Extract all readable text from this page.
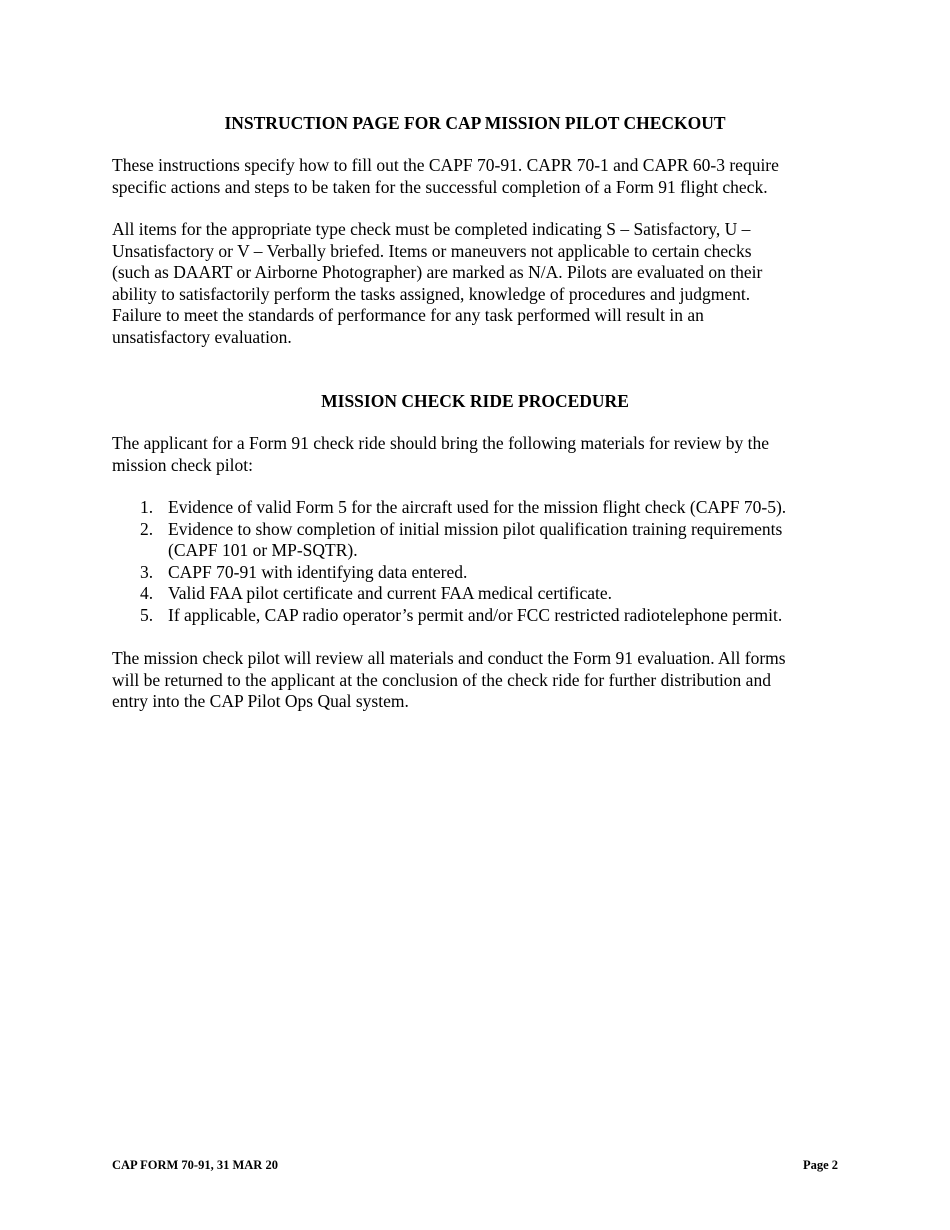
INSTRUCTION PAGE FOR CAP MISSION PILOT CHECKOUT

These instructions specify how to fill out the CAPF 70-91. CAPR 70-1 and CAPR 60-3 require
specific actions and steps to be taken for the successful completion of a Form 91 flight check.

All items for the appropriate type check must be completed indicating S – Satisfactory, U –
Unsatisfactory or V – Verbally briefed. Items or maneuvers not applicable to certain checks
(such as DAART or Airborne Photographer) are marked as N/A. Pilots are evaluated on their
ability to satisfactorily perform the tasks assigned, knowledge of procedures and judgment.
Failure to meet the standards of performance for any task performed will result in an
unsatisfactory evaluation.

MISSION CHECK RIDE PROCEDURE

The applicant for a Form 91 check ride should bring the following materials for review by the
mission check pilot:

1. Evidence of valid Form 5 for the aircraft used for the mission flight check (CAPF 70-5).
2. Evidence to show completion of initial mission pilot qualification training requirements
(CAPF 101 or MP-SQTR).
3. CAPF 70-91 with identifying data entered.
4. Valid FAA pilot certificate and current FAA medical certificate.
5. If applicable, CAP radio operator’s permit and/or FCC restricted radiotelephone permit.

The mission check pilot will review all materials and conduct the Form 91 evaluation. All forms
will be returned to the applicant at the conclusion of the check ride for further distribution and
entry into the CAP Pilot Ops Qual system.

CAP FORM 70-91, 31 MAR 20	Page 2
